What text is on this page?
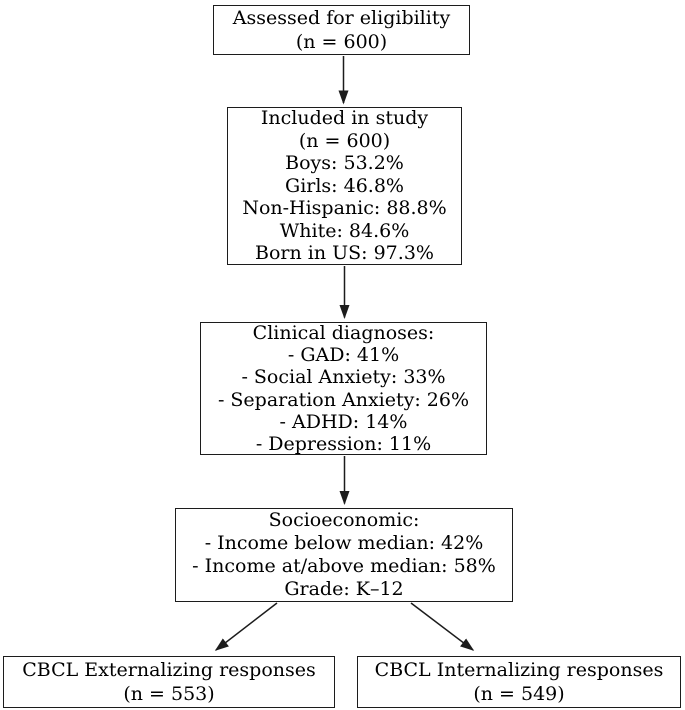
Assessed for eligibility
(n = 600)
Included in study
(n = 600)
Boys: 53.2%
Girls: 46.8%
Non-Hispanic: 88.8%
White: 84.6%
Born in US: 97.3%
Clinical diagnoses:
- GAD: 41%
- Social Anxiety: 33%
- Separation Anxiety: 26%
- ADHD: 14%
- Depression: 11%
Socioeconomic:
- Income below median: 42%
- Income at/above median: 58%
Grade: K–12
CBCL Externalizing responses
(n = 553)
CBCL Internalizing responses
(n = 549)
